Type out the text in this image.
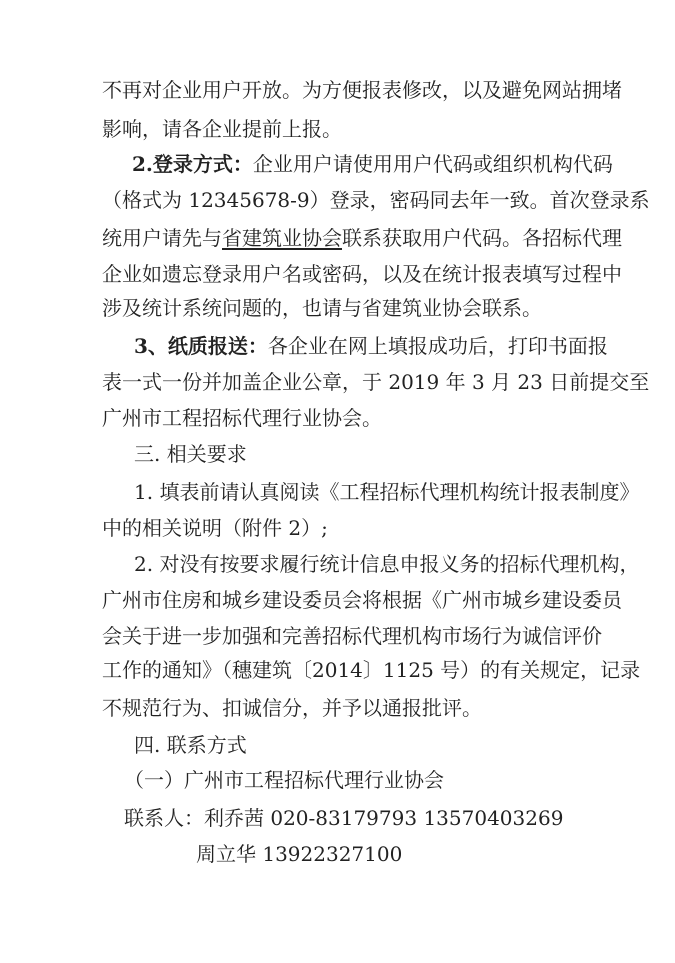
不再对企业用户开放。为方便报表修改，以及避免网站拥堵
影响，请各企业提前上报。
2.登录方式：企业用户请使用用户代码或组织机构代码
（格式为 12345678-9）登录，密码同去年一致。首次登录系
统用户请先与省建筑业协会联系获取用户代码。各招标代理
企业如遗忘登录用户名或密码，以及在统计报表填写过程中
涉及统计系统问题的，也请与省建筑业协会联系。
3、纸质报送：各企业在网上填报成功后，打印书面报
表一式一份并加盖企业公章，于 2019 年 3 月 23 日前提交至
广州市工程招标代理行业协会。
三. 相关要求
1. 填表前请认真阅读《工程招标代理机构统计报表制度》
中的相关说明（附件 2）;
2. 对没有按要求履行统计信息申报义务的招标代理机构，
广州市住房和城乡建设委员会将根据《广州市城乡建设委员
会关于进一步加强和完善招标代理机构市场行为诚信评价
工作的通知》（穗建筑〔2014〕1125 号）的有关规定，记录
不规范行为、扣诚信分，并予以通报批评。
四. 联系方式
（一）广州市工程招标代理行业协会
联系人：利乔茜 020-83179793 13570403269
周立华 13922327100
